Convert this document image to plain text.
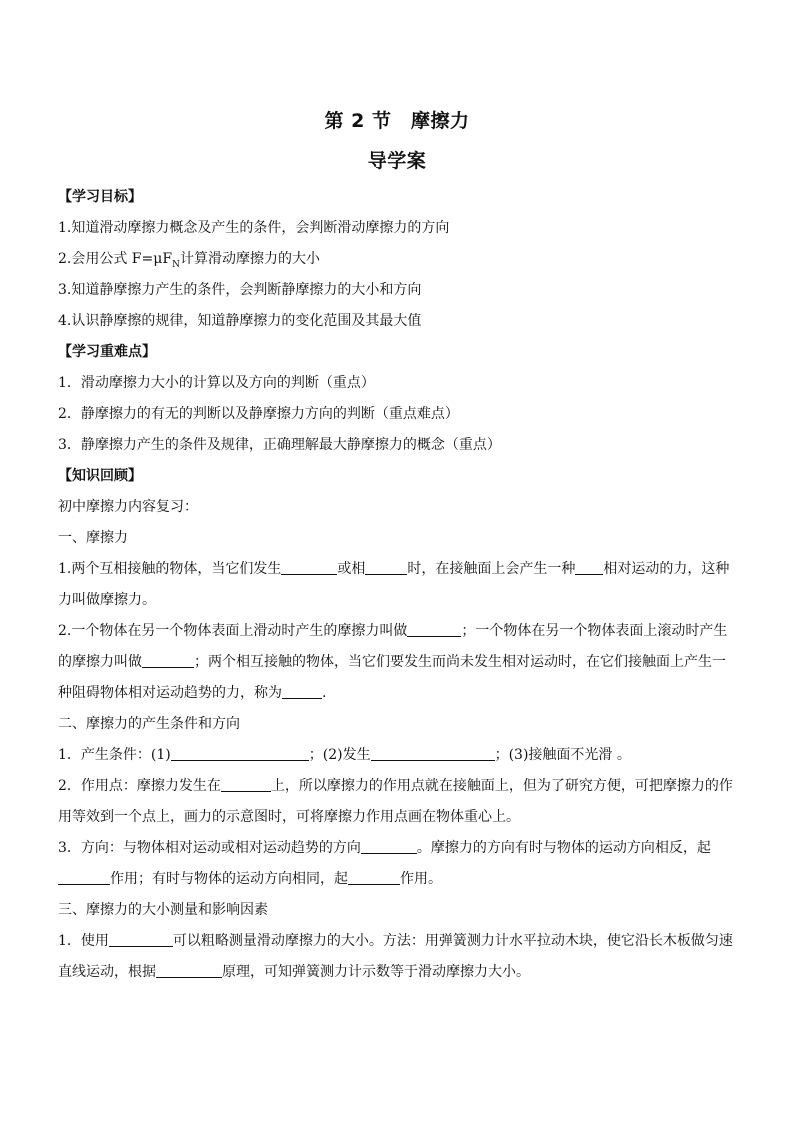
第 2 节　摩擦力
导学案
【学习目标】
1.知道滑动摩擦力概念及产生的条件，会判断滑动摩擦力的方向
2.会用公式 $F=\mu F_N$计算滑动摩擦力的大小
3.知道静摩擦力产生的条件，会判断静摩擦力的大小和方向
4.认识静摩擦的规律，知道静摩擦力的变化范围及其最大值
【学习重难点】
1．滑动摩擦力大小的计算以及方向的判断（重点）
2．静摩擦力的有无的判断以及静摩擦力方向的判断（重点难点）
3．静摩擦力产生的条件及规律，正确理解最大静摩擦力的概念（重点）
【知识回顾】
初中摩擦力内容复习：
一、摩擦力
1.两个互相接触的物体，当它们发生	或相	时，在接触面上会产生一种 相对运动的力，这种力叫做摩擦力。
2.一个物体在另一个物体表面上滑动时产生的摩擦力叫做	；一个物体在另一个物体表面上滚动时产生的摩擦力叫做	；两个相互接触的物体，当它们要发生而尚未发生相对运动时，在它们接触面上产生一种阻碍物体相对运动趋势的力，称为	.
二、摩擦力的产生条件和方向
1．产生条件：(1)	；(2)发生	；(3)接触面不光滑 。
2．作用点：摩擦力发生在	上，所以摩擦力的作用点就在接触面上，但为了研究方便，可把摩擦力的作用等效到一个点上，画力的示意图时，可将摩擦力作用点画在物体重心上。
3．方向：与物体相对运动或相对运动趋势的方向	。摩擦力的方向有时与物体的运动方向相反，起作用；有时与物体的运动方向相同，起	作用。
三、摩擦力的大小测量和影响因素
1．使用	可以粗略测量滑动摩擦力的大小。方法：用弹簧测力计水平拉动木块，使它沿长木板做匀速直线运动，根据	原理，可知弹簧测力计示数等于滑动摩擦力大小。
